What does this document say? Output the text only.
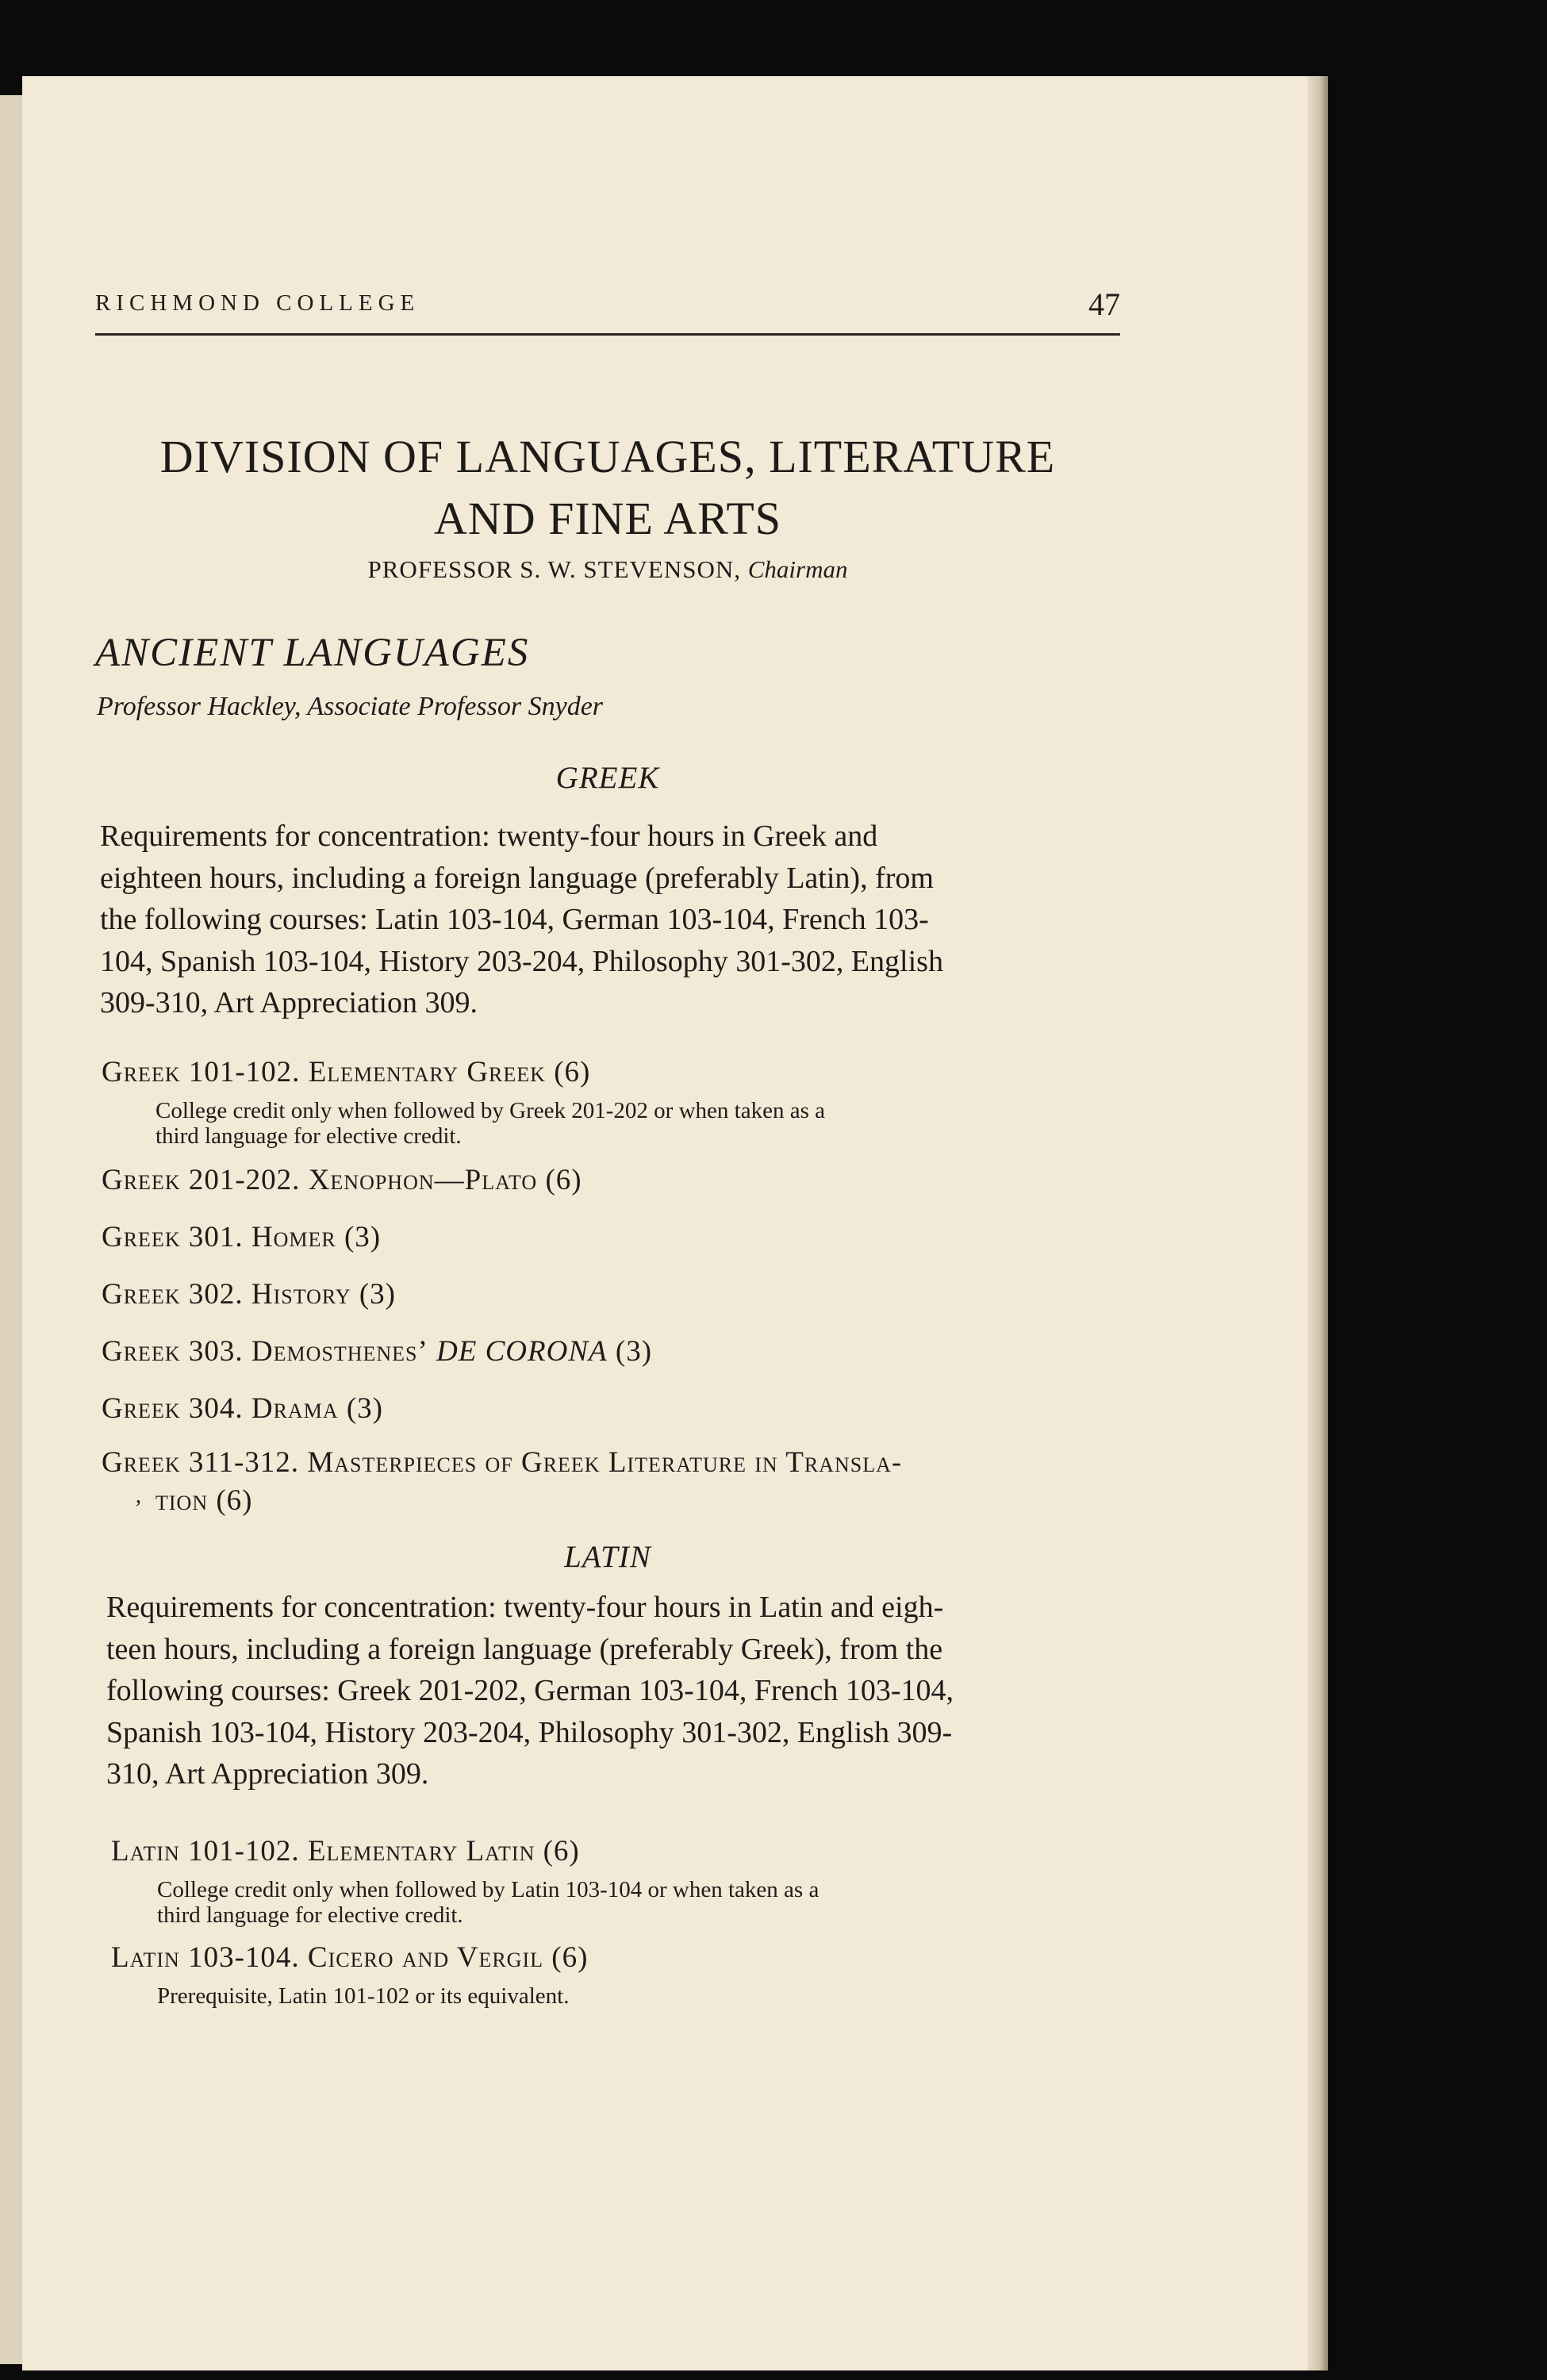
RICHMOND COLLEGE	47
DIVISION OF LANGUAGES, LITERATURE
AND FINE ARTS
PROFESSOR S. W. STEVENSON, Chairman
ANCIENT LANGUAGES
Professor Hackley, Associate Professor Snyder
GREEK
Requirements for concentration: twenty-four hours in Greek and
eighteen hours, including a foreign language (preferably Latin), from
the following courses: Latin 103-104, German 103-104, French 103-
104, Spanish 103-104, History 203-204, Philosophy 301-302, English
309-310, Art Appreciation 309.
Greek 101-102. Elementary Greek (6)
College credit only when followed by Greek 201-202 or when taken as a
third language for elective credit.
Greek 201-202. Xenophon—Plato (6)
Greek 301. Homer (3)
Greek 302. History (3)
Greek 303. Demosthenes’ DE CORONA (3)
Greek 304. Drama (3)
Greek 311-312. Masterpieces of Greek Literature in Transla-
, tion (6)
LATIN
Requirements for concentration: twenty-four hours in Latin and eigh-
teen hours, including a foreign language (preferably Greek), from the
following courses: Greek 201-202, German 103-104, French 103-104,
Spanish 103-104, History 203-204, Philosophy 301-302, English 309-
310, Art Appreciation 309.
Latin 101-102. Elementary Latin (6)
College credit only when followed by Latin 103-104 or when taken as a
third language for elective credit.
Latin 103-104. Cicero and Vergil (6)
Prerequisite, Latin 101-102 or its equivalent.
